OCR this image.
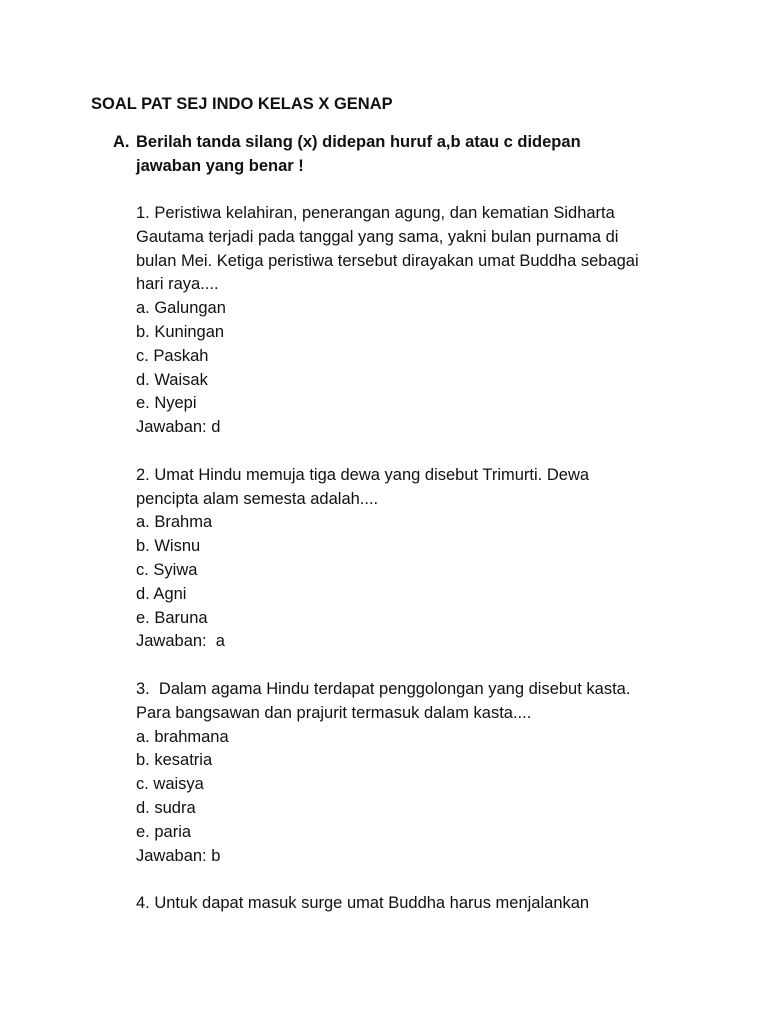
SOAL PAT SEJ INDO KELAS X GENAP
A. Berilah tanda silang (x) didepan huruf a,b atau c didepan
jawaban yang benar !
1. Peristiwa kelahiran, penerangan agung, dan kematian Sidharta
Gautama terjadi pada tanggal yang sama, yakni bulan purnama di
bulan Mei. Ketiga peristiwa tersebut dirayakan umat Buddha sebagai
hari raya....
a. Galungan
b. Kuningan
c. Paskah
d. Waisak
e. Nyepi
Jawaban: d
2. Umat Hindu memuja tiga dewa yang disebut Trimurti. Dewa
pencipta alam semesta adalah....
a. Brahma
b. Wisnu
c. Syiwa
d. Agni
e. Baruna
Jawaban:  a
3.  Dalam agama Hindu terdapat penggolongan yang disebut kasta.
Para bangsawan dan prajurit termasuk dalam kasta....
a. brahmana
b. kesatria
c. waisya
d. sudra
e. paria
Jawaban: b
4. Untuk dapat masuk surge umat Buddha harus menjalankan
